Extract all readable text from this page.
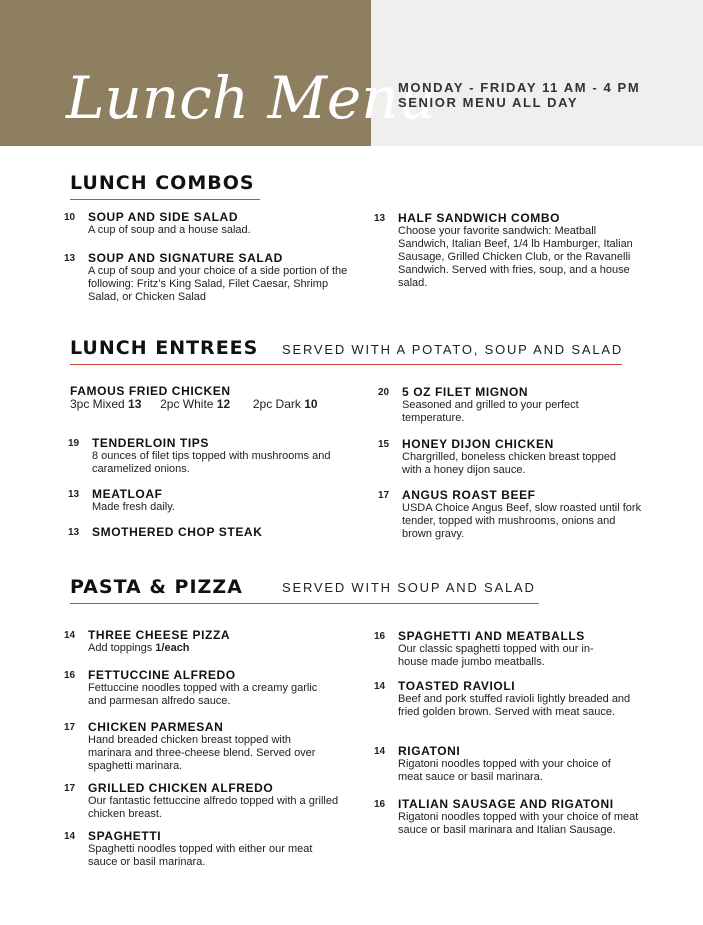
Lunch Menu
MONDAY - FRIDAY 11 AM - 4 PM
SENIOR MENU ALL DAY
LUNCH COMBOS
10 SOUP AND SIDE SALAD
A cup of soup and a house salad.
13 SOUP AND SIGNATURE SALAD
A cup of soup and your choice of a side portion of the following: Fritz’s King Salad, Filet Caesar, Shrimp Salad, or Chicken Salad
13 HALF SANDWICH COMBO
Choose your favorite sandwich: Meatball Sandwich, Italian Beef, 1/4 lb Hamburger, Italian Sausage, Grilled Chicken Club, or the Ravanelli Sandwich. Served with fries, soup, and a house salad.
LUNCH ENTREES SERVED WITH A POTATO, SOUP AND SALAD
FAMOUS FRIED CHICKEN
3pc Mixed 13 2pc White 12 2pc Dark 10
19 TENDERLOIN TIPS
8 ounces of filet tips topped with mushrooms and caramelized onions.
13 MEATLOAF
Made fresh daily.
13 SMOTHERED CHOP STEAK
20 5 OZ FILET MIGNON
Seasoned and grilled to your perfect temperature.
15 HONEY DIJON CHICKEN
Chargrilled, boneless chicken breast topped with a honey dijon sauce.
17 ANGUS ROAST BEEF
USDA Choice Angus Beef, slow roasted until fork tender, topped with mushrooms, onions and brown gravy.
PASTA & PIZZA	SERVED WITH SOUP AND SALAD
14 THREE CHEESE PIZZA
Add toppings 1/each
16 FETTUCCINE ALFREDO
Fettuccine noodles topped with a creamy garlic and parmesan alfredo sauce.
17 CHICKEN PARMESAN
Hand breaded chicken breast topped with marinara and three-cheese blend. Served over spaghetti marinara.
17 GRILLED CHICKEN ALFREDO
Our fantastic fettuccine alfredo topped with a grilled chicken breast.
14 SPAGHETTI
Spaghetti noodles topped with either our meat sauce or basil marinara.
16 SPAGHETTI AND MEATBALLS
Our classic spaghetti topped with our in-house made jumbo meatballs.
14 TOASTED RAVIOLI
Beef and pork stuffed ravioli lightly breaded and fried golden brown. Served with meat sauce.
14 RIGATONI
Rigatoni noodles topped with your choice of meat sauce or basil marinara.
16 ITALIAN SAUSAGE AND RIGATONI
Rigatoni noodles topped with your choice of meat sauce or basil marinara and Italian Sausage.
